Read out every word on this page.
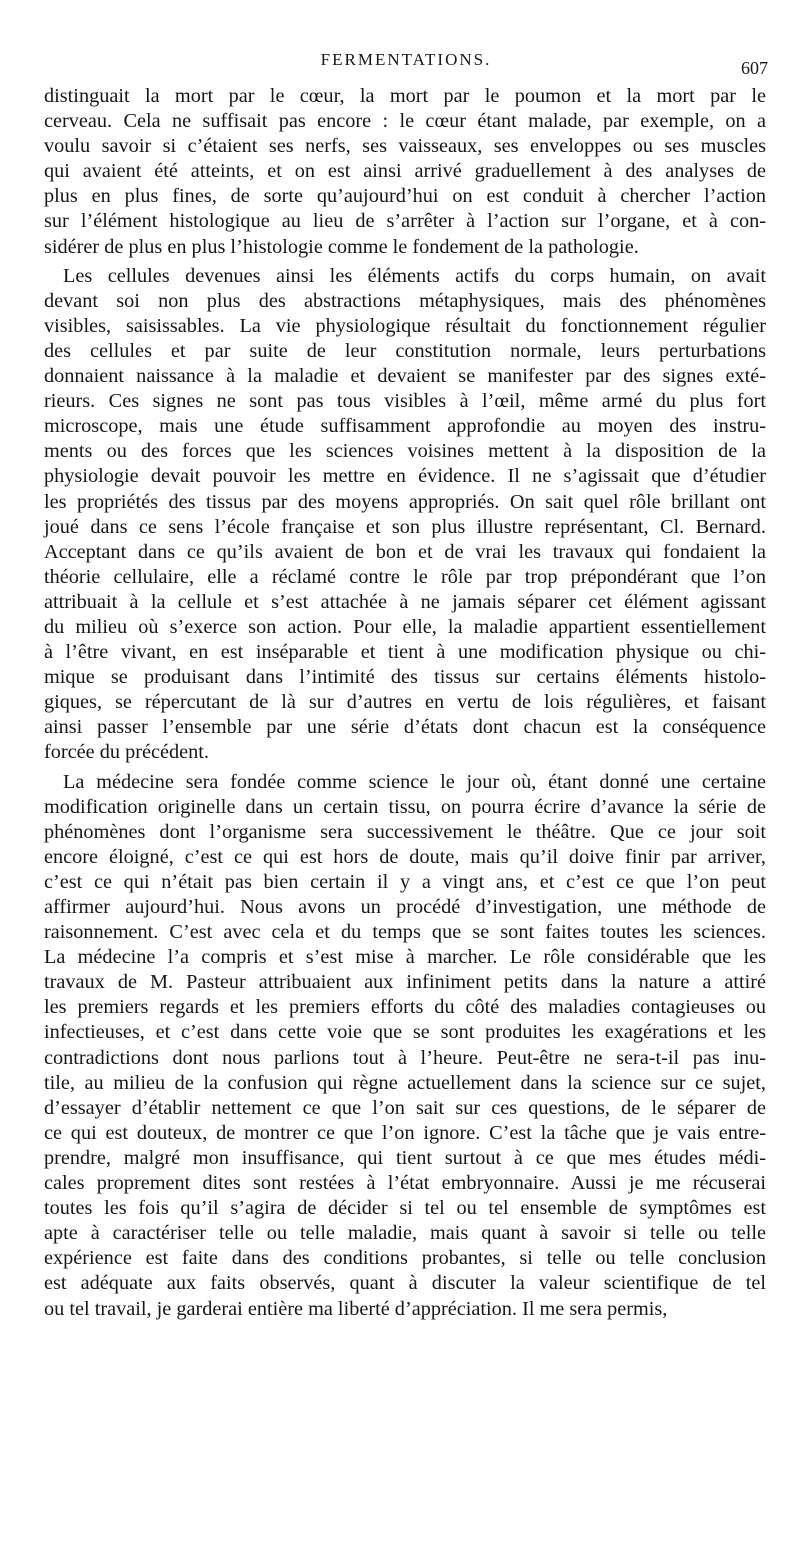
FERMENTATIONS.	607
distinguait la mort par le cœur, la mort par le poumon et la mort par le
cerveau. Cela ne suffisait pas encore : le cœur étant malade, par exemple, on a
voulu savoir si c’étaient ses nerfs, ses vaisseaux, ses enveloppes ou ses muscles
qui avaient été atteints, et on est ainsi arrivé graduellement à des analyses de
plus en plus fines, de sorte qu’aujourd’hui on est conduit à chercher l’action
sur l’élément histologique au lieu de s’arrêter à l’action sur l’organe, et à con-
sidérer de plus en plus l’histologie comme le fondement de la pathologie.
Les cellules devenues ainsi les éléments actifs du corps humain, on avait
devant soi non plus des abstractions métaphysiques, mais des phénomènes
visibles, saisissables. La vie physiologique résultait du fonctionnement régulier
des cellules et par suite de leur constitution normale, leurs perturbations
donnaient naissance à la maladie et devaient se manifester par des signes exté-
rieurs. Ces signes ne sont pas tous visibles à l’œil, même armé du plus fort
microscope, mais une étude suffisamment approfondie au moyen des instru-
ments ou des forces que les sciences voisines mettent à la disposition de la
physiologie devait pouvoir les mettre en évidence. Il ne s’agissait que d’étudier
les propriétés des tissus par des moyens appropriés. On sait quel rôle brillant ont
joué dans ce sens l’école française et son plus illustre représentant, Cl. Bernard.
Acceptant dans ce qu’ils avaient de bon et de vrai les travaux qui fondaient la
théorie cellulaire, elle a réclamé contre le rôle par trop prépondérant que l’on
attribuait à la cellule et s’est attachée à ne jamais séparer cet élément agissant
du milieu où s’exerce son action. Pour elle, la maladie appartient essentiellement
à l’être vivant, en est inséparable et tient à une modification physique ou chi-
mique se produisant dans l’intimité des tissus sur certains éléments histolo-
giques, se répercutant de là sur d’autres en vertu de lois régulières, et faisant
ainsi passer l’ensemble par une série d’états dont chacun est la conséquence
forcée du précédent.
La médecine sera fondée comme science le jour où, étant donné une certaine
modification originelle dans un certain tissu, on pourra écrire d’avance la série de
phénomènes dont l’organisme sera successivement le théâtre. Que ce jour soit
encore éloigné, c’est ce qui est hors de doute, mais qu’il doive finir par arriver,
c’est ce qui n’était pas bien certain il y a vingt ans, et c’est ce que l’on peut
affirmer aujourd’hui. Nous avons un procédé d’investigation, une méthode de
raisonnement. C’est avec cela et du temps que se sont faites toutes les sciences.
La médecine l’a compris et s’est mise à marcher. Le rôle considérable que les
travaux de M. Pasteur attribuaient aux infiniment petits dans la nature a attiré
les premiers regards et les premiers efforts du côté des maladies contagieuses ou
infectieuses, et c’est dans cette voie que se sont produites les exagérations et les
contradictions dont nous parlions tout à l’heure. Peut-être ne sera-t-il pas inu-
tile, au milieu de la confusion qui règne actuellement dans la science sur ce sujet,
d’essayer d’établir nettement ce que l’on sait sur ces questions, de le séparer de
ce qui est douteux, de montrer ce que l’on ignore. C’est la tâche que je vais entre-
prendre, malgré mon insuffisance, qui tient surtout à ce que mes études médi-
cales proprement dites sont restées à l’état embryonnaire. Aussi je me récuserai
toutes les fois qu’il s’agira de décider si tel ou tel ensemble de symptômes est
apte à caractériser telle ou telle maladie, mais quant à savoir si telle ou telle
expérience est faite dans des conditions probantes, si telle ou telle conclusion
est adéquate aux faits observés, quant à discuter la valeur scientifique de tel
ou tel travail, je garderai entière ma liberté d’appréciation. Il me sera permis,
